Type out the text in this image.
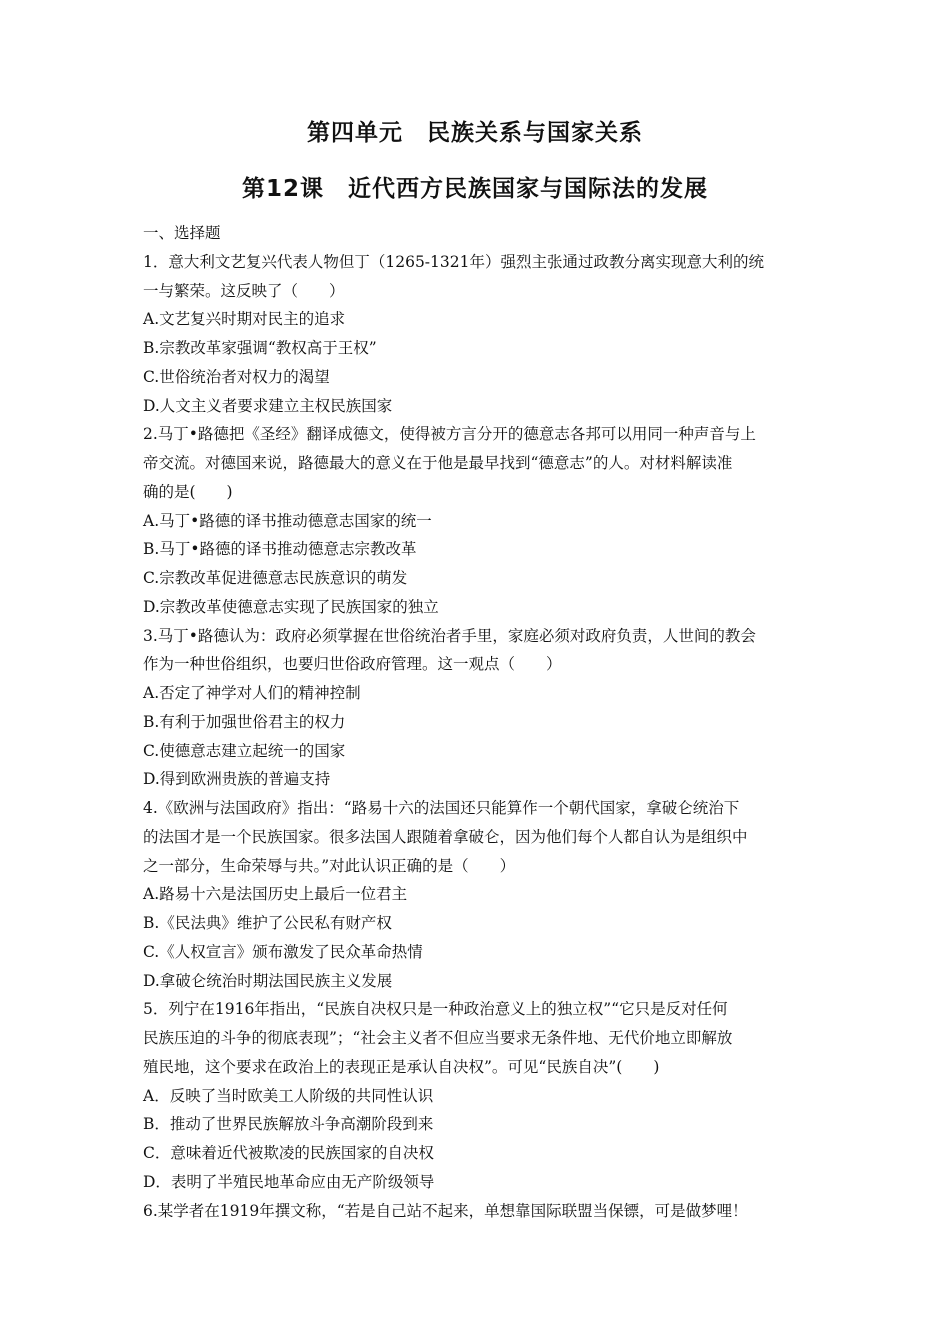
第四单元　民族关系与国家关系
第12课　近代西方民族国家与国际法的发展
一、选择题
1．意大利文艺复兴代表人物但丁（1265-1321年）强烈主张通过政教分离实现意大利的统
一与繁荣。这反映了（　　）
A.文艺复兴时期对民主的追求
B.宗教改革家强调“教权高于王权”
C.世俗统治者对权力的渴望
D.人文主义者要求建立主权民族国家
2.马丁•路德把《圣经》翻译成德文，使得被方言分开的德意志各邦可以用同一种声音与上
帝交流。对德国来说，路德最大的意义在于他是最早找到“德意志”的人。对材料解读准
确的是(　　)
A.马丁•路德的译书推动德意志国家的统一
B.马丁•路德的译书推动德意志宗教改革
C.宗教改革促进德意志民族意识的萌发
D.宗教改革使德意志实现了民族国家的独立
3.马丁•路德认为：政府必须掌握在世俗统治者手里，家庭必须对政府负责，人世间的教会
作为一种世俗组织，也要归世俗政府管理。这一观点（　　）
A.否定了神学对人们的精神控制
B.有利于加强世俗君主的权力
C.使德意志建立起统一的国家
D.得到欧洲贵族的普遍支持
4.《欧洲与法国政府》指出：“路易十六的法国还只能算作一个朝代国家，拿破仑统治下
的法国才是一个民族国家。很多法国人跟随着拿破仑，因为他们每个人都自认为是组织中
之一部分，生命荣辱与共。”对此认识正确的是（　　）
A.路易十六是法国历史上最后一位君主
B.《民法典》维护了公民私有财产权
C.《人权宣言》颁布激发了民众革命热情
D.拿破仑统治时期法国民族主义发展
5．列宁在1916年指出，“民族自决权只是一种政治意义上的独立权”“它只是反对任何
民族压迫的斗争的彻底表现”；“社会主义者不但应当要求无条件地、无代价地立即解放
殖民地，这个要求在政治上的表现正是承认自决权”。可见“民族自决”(　　)
A．反映了当时欧美工人阶级的共同性认识
B．推动了世界民族解放斗争高潮阶段到来
C．意味着近代被欺凌的民族国家的自决权
D．表明了半殖民地革命应由无产阶级领导
6.某学者在1919年撰文称，“若是自己站不起来，单想靠国际联盟当保镖，可是做梦哩！
